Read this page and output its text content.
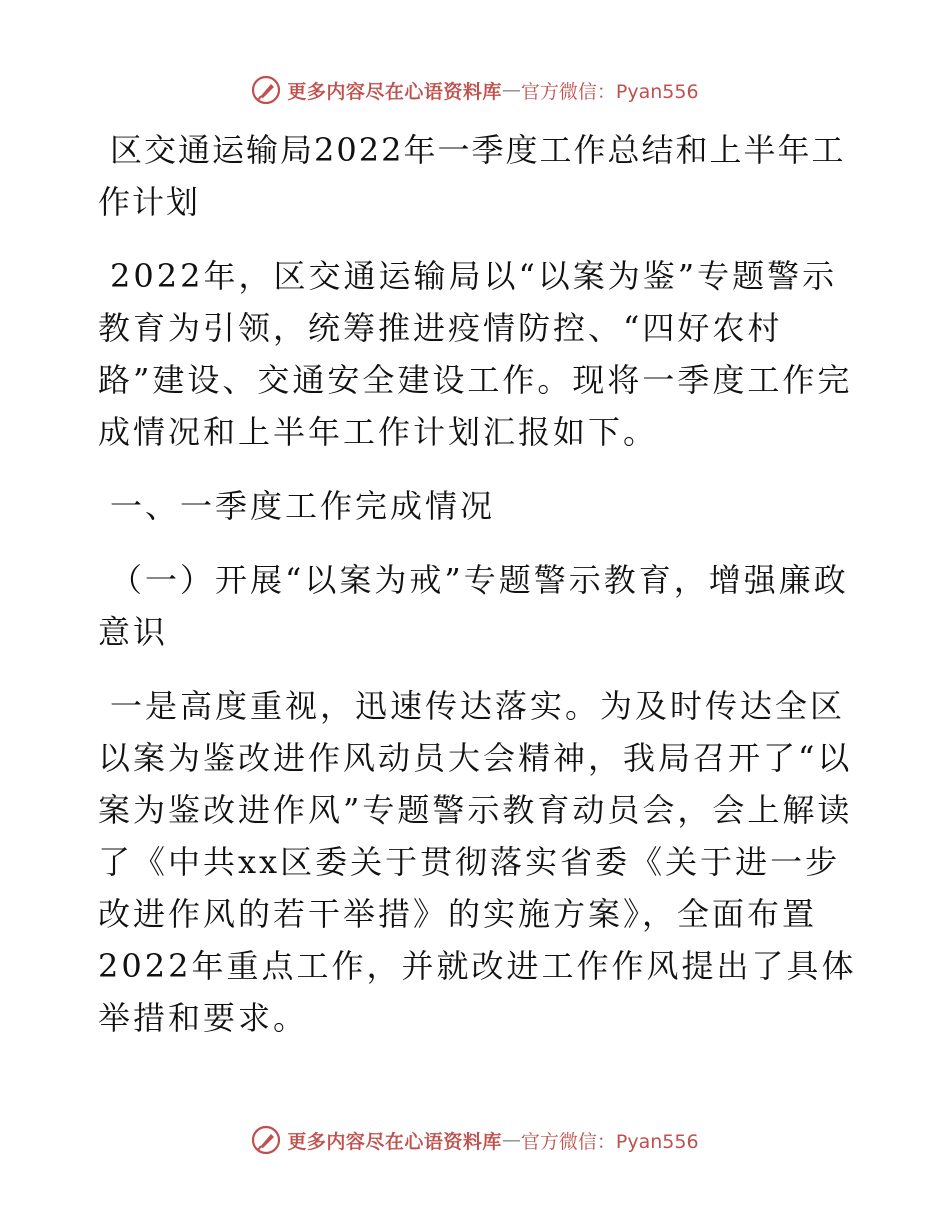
更多内容尽在心语资料库 — 官方微信：Pyan556

区交通运输局2022年一季度工作总结和上半年工作计划

2022年，区交通运输局以“以案为鉴”专题警示教育为引领，统筹推进疫情防控、“四好农村路”建设、交通安全建设工作。现将一季度工作完成情况和上半年工作计划汇报如下。

一、一季度工作完成情况

（一）开展“以案为戒”专题警示教育，增强廉政意识

一是高度重视，迅速传达落实。为及时传达全区以案为鉴改进作风动员大会精神，我局召开了“以案为鉴改进作风”专题警示教育动员会，会上解读了《中共xx区委关于贯彻落实省委《关于进一步改进作风的若干举措》的实施方案》，全面布置2022年重点工作，并就改进工作作风提出了具体举措和要求。

更多内容尽在心语资料库 — 官方微信：Pyan556
